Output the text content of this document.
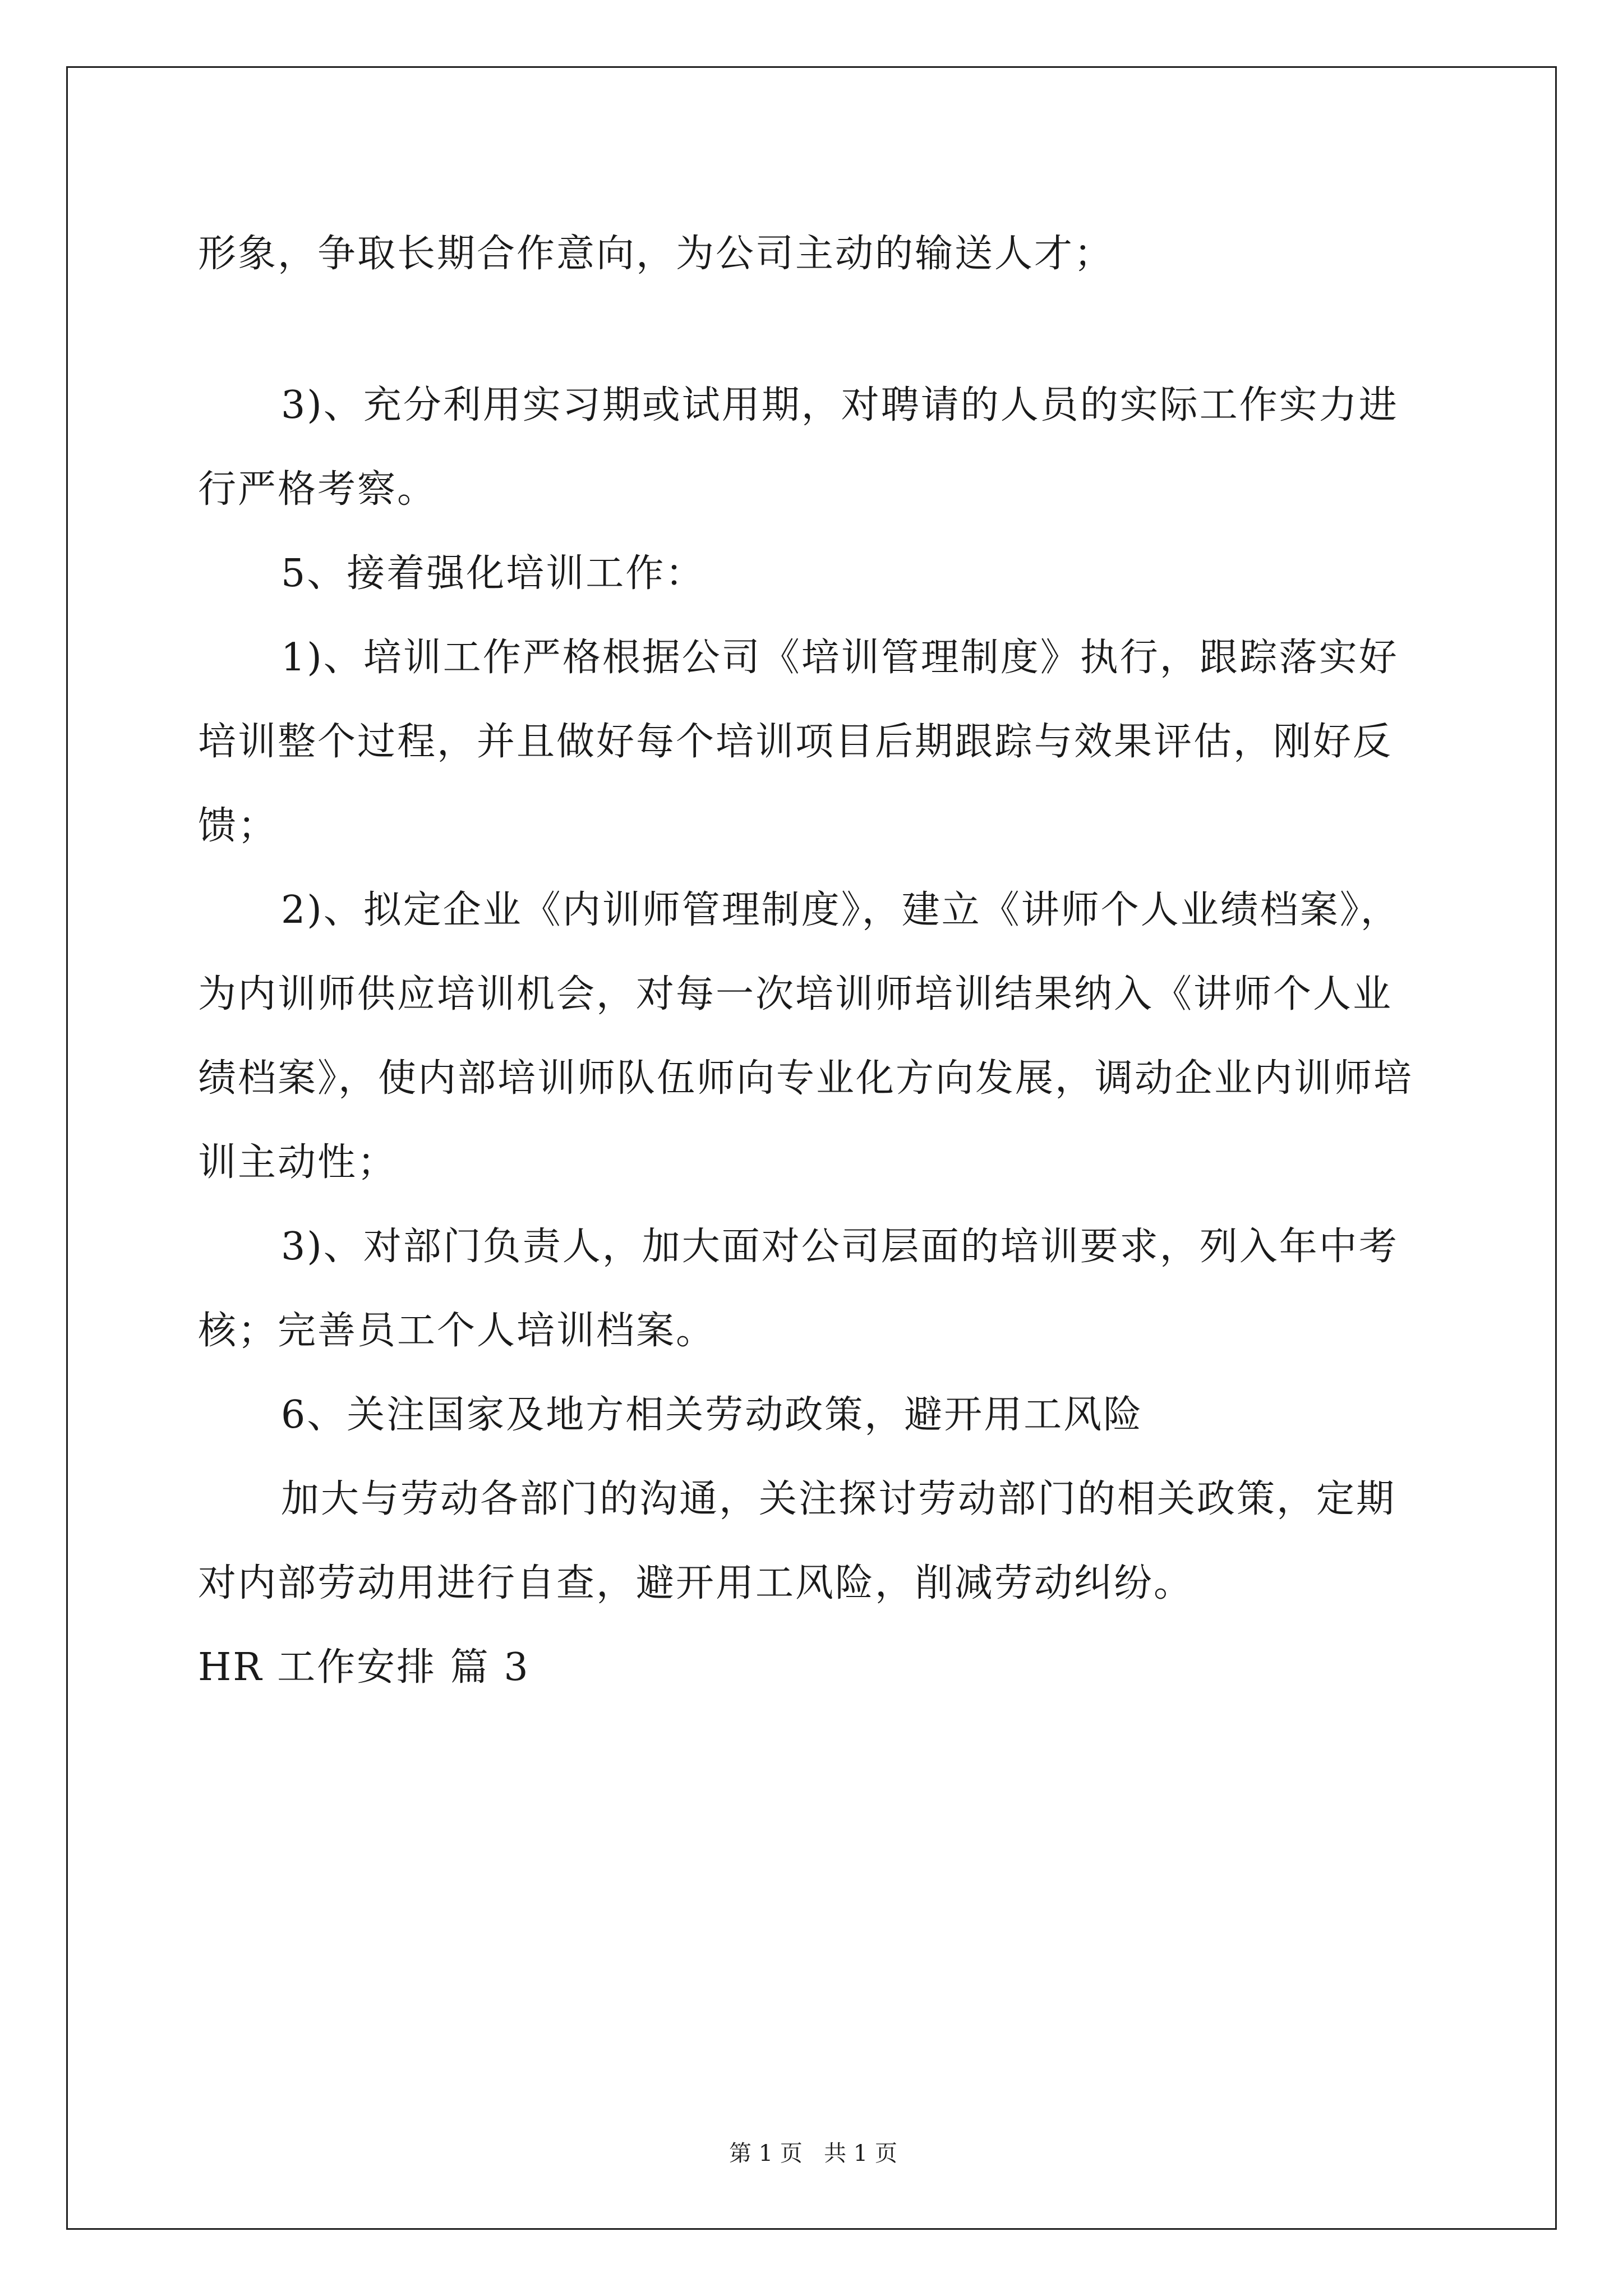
形象，争取长期合作意向，为公司主动的输送人才；
3)、充分利用实习期或试用期，对聘请的人员的实际工作实力进
行严格考察。
5、接着强化培训工作：
1)、培训工作严格根据公司《培训管理制度》执行，跟踪落实好
培训整个过程，并且做好每个培训项目后期跟踪与效果评估，刚好反
馈；
2)、拟定企业《内训师管理制度》，建立《讲师个人业绩档案》，
为内训师供应培训机会，对每一次培训师培训结果纳入《讲师个人业
绩档案》，使内部培训师队伍师向专业化方向发展，调动企业内训师培
训主动性；
3)、对部门负责人，加大面对公司层面的培训要求，列入年中考
核；完善员工个人培训档案。
6、关注国家及地方相关劳动政策，避开用工风险
加大与劳动各部门的沟通，关注探讨劳动部门的相关政策，定期
对内部劳动用进行自查，避开用工风险，削减劳动纠纷。
HR 工作安排 篇 3
第 1 页   共 1 页
